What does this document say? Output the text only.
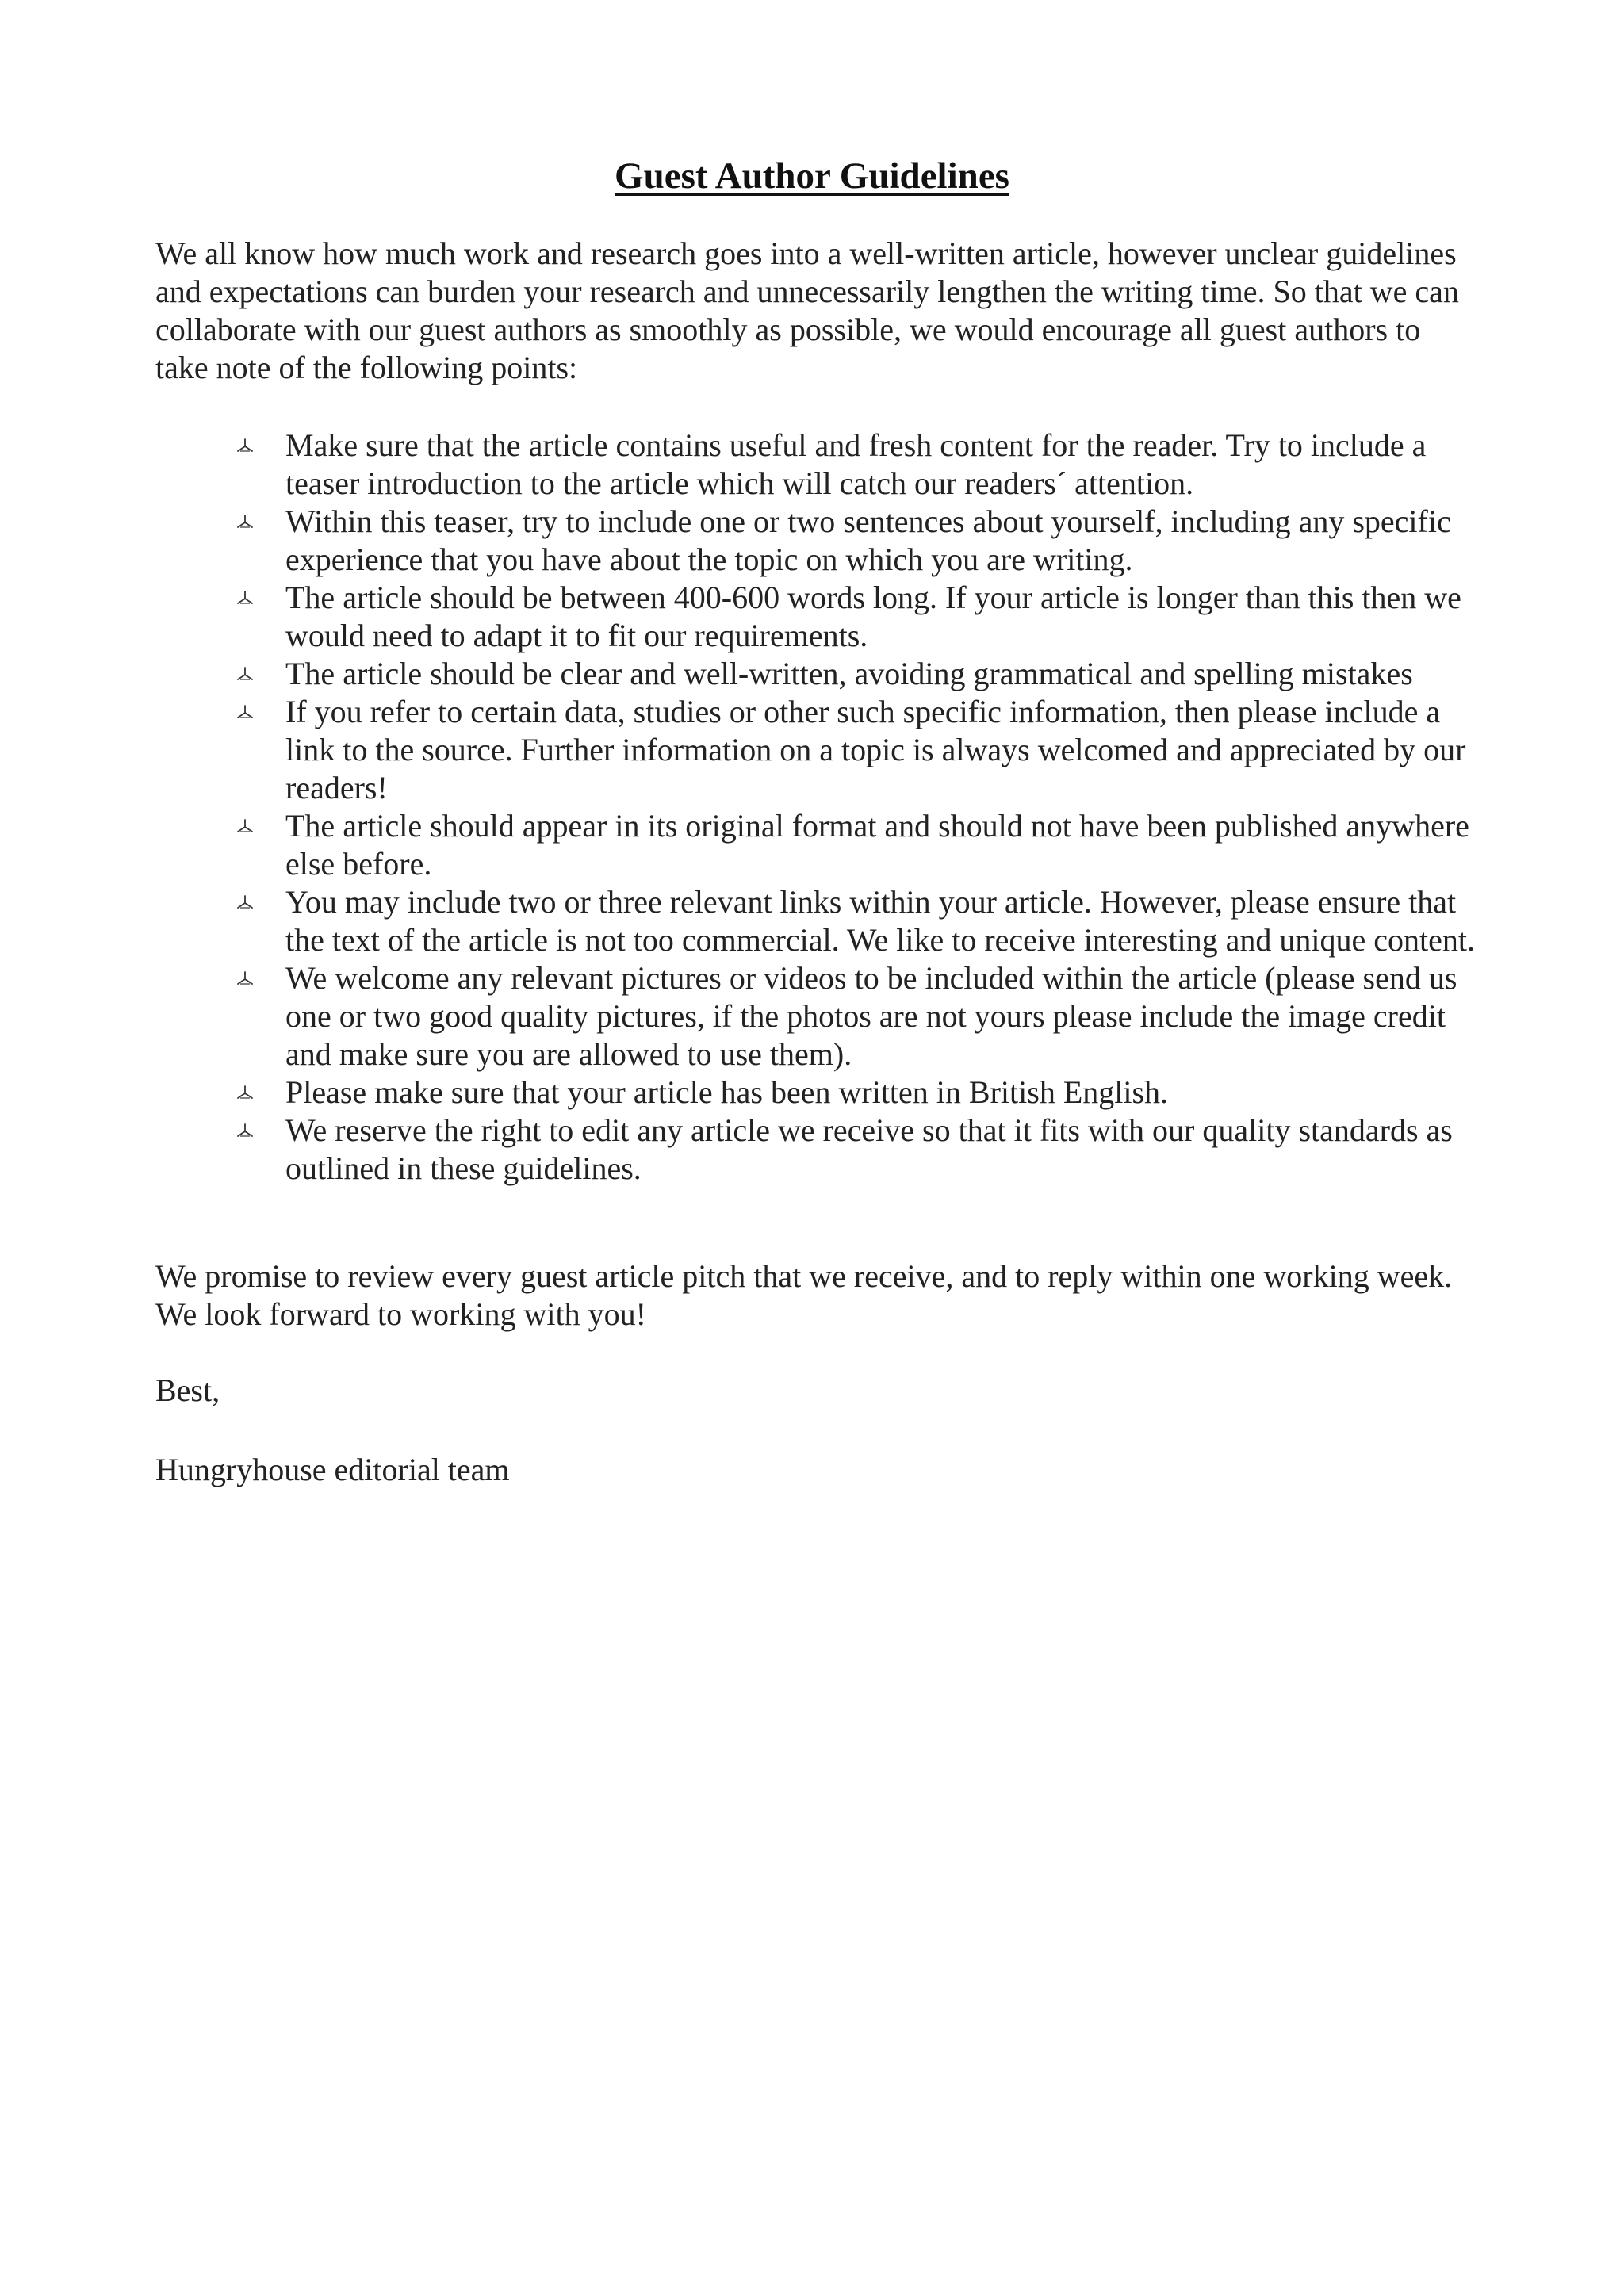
Guest Author Guidelines

We all know how much work and research goes into a well-written article, however unclear guidelines and expectations can burden your research and unnecessarily lengthen the writing time. So that we can collaborate with our guest authors as smoothly as possible, we would encourage all guest authors to take note of the following points:

Make sure that the article contains useful and fresh content for the reader. Try to include a teaser introduction to the article which will catch our readers´ attention.
Within this teaser, try to include one or two sentences about yourself, including any specific experience that you have about the topic on which you are writing.
The article should be between 400-600 words long. If your article is longer than this then we would need to adapt it to fit our requirements.
The article should be clear and well-written, avoiding grammatical and spelling mistakes
If you refer to certain data, studies or other such specific information, then please include a link to the source. Further information on a topic is always welcomed and appreciated by our readers!
The article should appear in its original format and should not have been published anywhere else before.
You may include two or three relevant links within your article. However, please ensure that the text of the article is not too commercial. We like to receive interesting and unique content.
We welcome any relevant pictures or videos to be included within the article (please send us one or two good quality pictures, if the photos are not yours please include the image credit and make sure you are allowed to use them).
Please make sure that your article has been written in British English.
We reserve the right to edit any article we receive so that it fits with our quality standards as outlined in these guidelines.

We promise to review every guest article pitch that we receive, and to reply within one working week. We look forward to working with you!

Best,

Hungryhouse editorial team
